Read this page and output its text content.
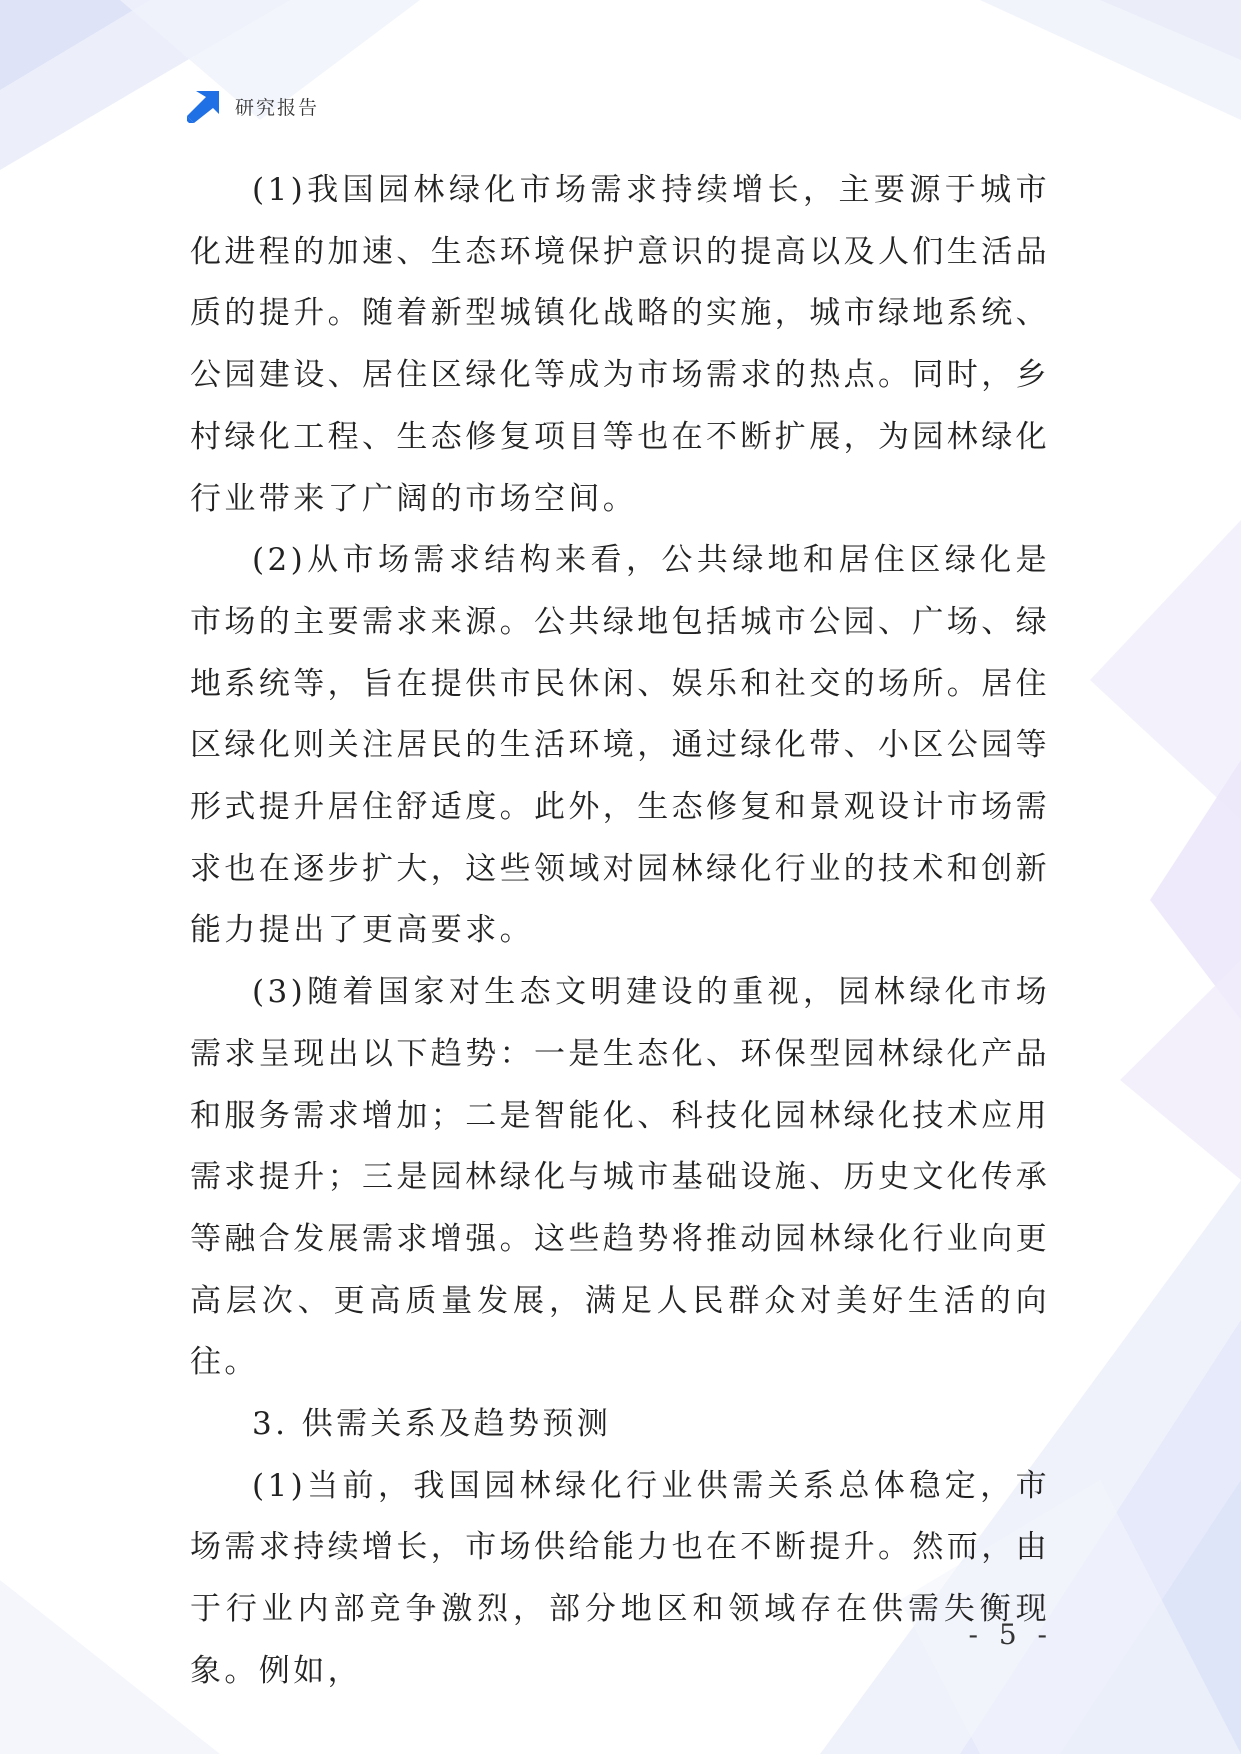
研究报告

(1)我国园林绿化市场需求持续增长，主要源于城市化进程的加速、生态环境保护意识的提高以及人们生活品质的提升。随着新型城镇化战略的实施，城市绿地系统、公园建设、居住区绿化等成为市场需求的热点。同时，乡村绿化工程、生态修复项目等也在不断扩展，为园林绿化行业带来了广阔的市场空间。

(2)从市场需求结构来看，公共绿地和居住区绿化是市场的主要需求来源。公共绿地包括城市公园、广场、绿地系统等，旨在提供市民休闲、娱乐和社交的场所。居住区绿化则关注居民的生活环境，通过绿化带、小区公园等形式提升居住舒适度。此外，生态修复和景观设计市场需求也在逐步扩大，这些领域对园林绿化行业的技术和创新能力提出了更高要求。

(3)随着国家对生态文明建设的重视，园林绿化市场需求呈现出以下趋势：一是生态化、环保型园林绿化产品和服务需求增加；二是智能化、科技化园林绿化技术应用需求提升；三是园林绿化与城市基础设施、历史文化传承等融合发展需求增强。这些趋势将推动园林绿化行业向更高层次、更高质量发展，满足人民群众对美好生活的向往。

3. 供需关系及趋势预测

(1)当前，我国园林绿化行业供需关系总体稳定，市场需求持续增长，市场供给能力也在不断提升。然而，由于行业内部竞争激烈，部分地区和领域存在供需失衡现象。例如，

- 5 -
